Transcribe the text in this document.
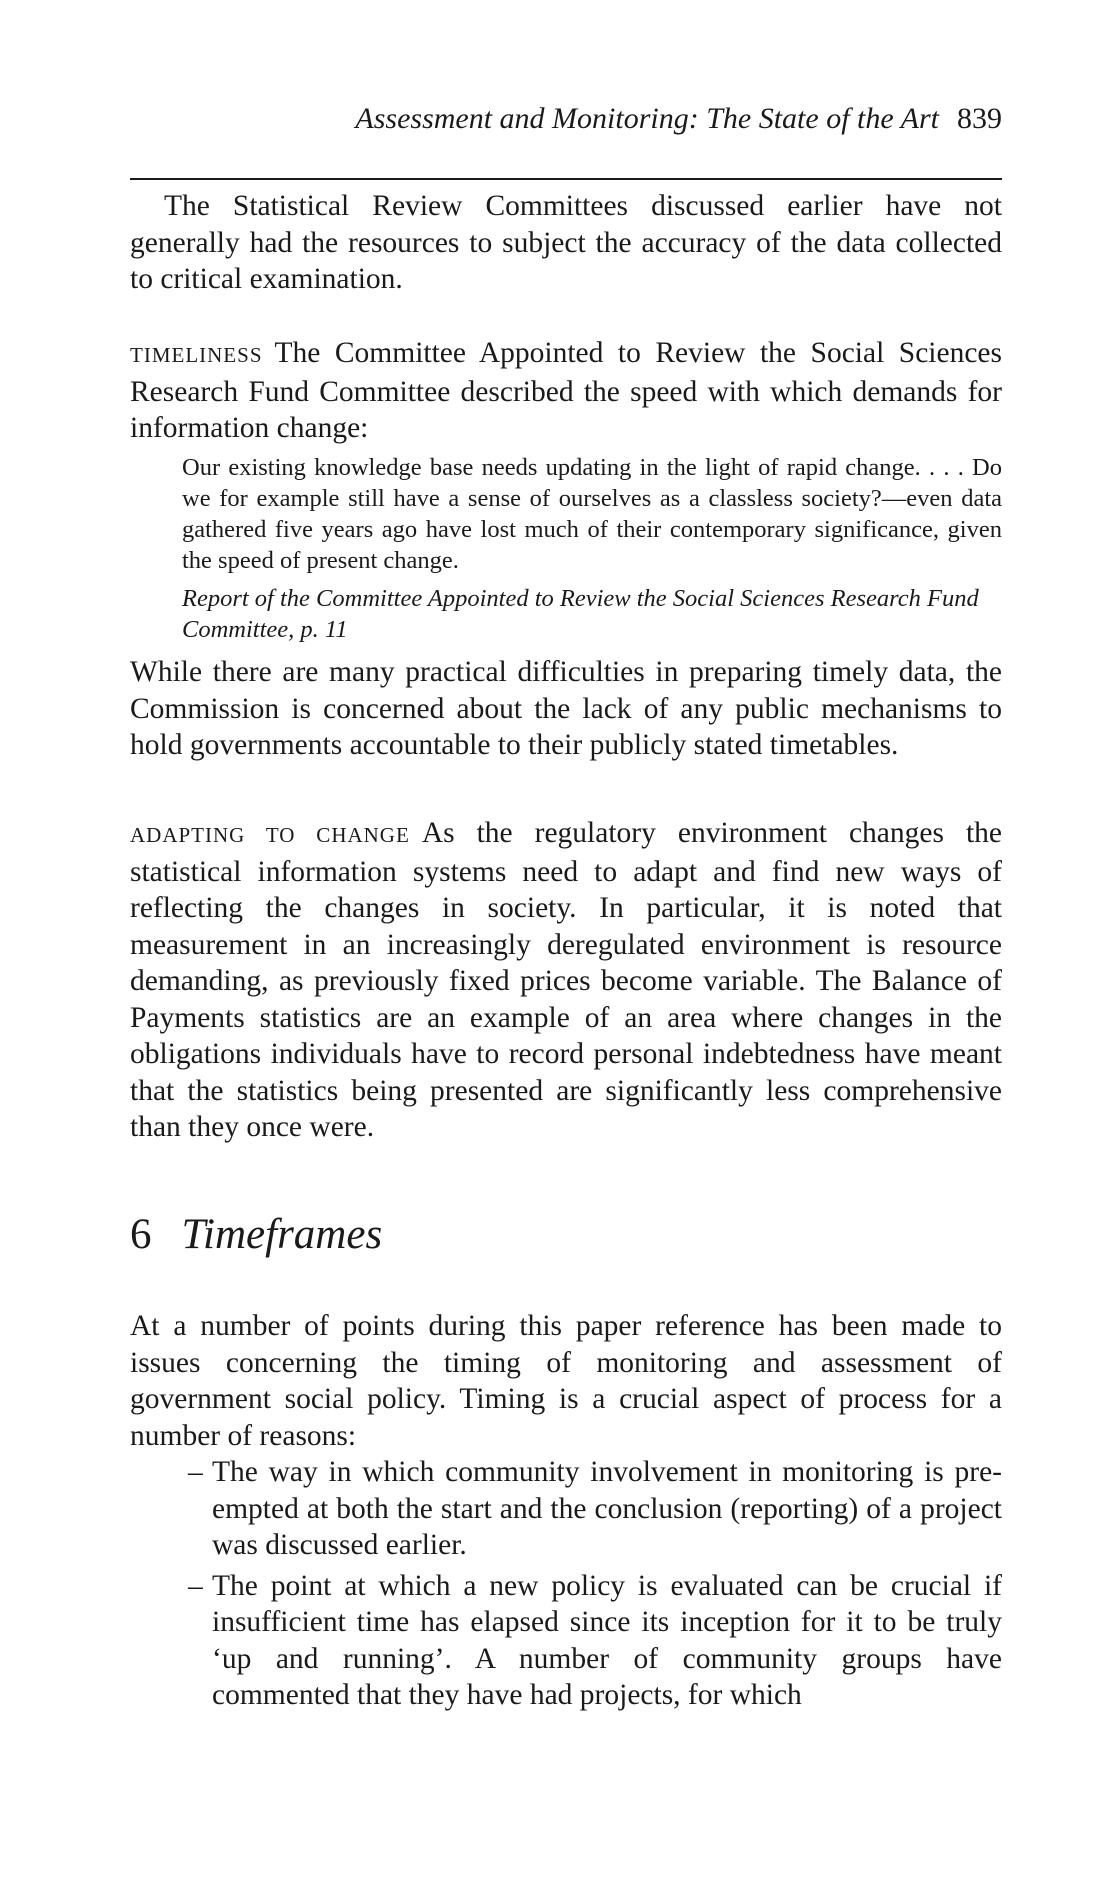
Assessment and Monitoring: The State of the Art 839

The Statistical Review Committees discussed earlier have not generally had the resources to subject the accuracy of the data collected to critical examination.

TIMELINESS The Committee Appointed to Review the Social Sciences Research Fund Committee described the speed with which demands for information change:

Our existing knowledge base needs updating in the light of rapid change. . . . Do we for example still have a sense of ourselves as a classless society?—even data gathered five years ago have lost much of their contemporary significance, given the speed of present change.

Report of the Committee Appointed to Review the Social Sciences Research Fund Committee, p. 11

While there are many practical difficulties in preparing timely data, the Commission is concerned about the lack of any public mechanisms to hold governments accountable to their publicly stated timetables.

ADAPTING TO CHANGE As the regulatory environment changes the statistical information systems need to adapt and find new ways of reflecting the changes in society. In particular, it is noted that measurement in an increasingly deregulated environment is resource demanding, as previously fixed prices become variable. The Balance of Payments statistics are an example of an area where changes in the obligations individuals have to record personal indebtedness have meant that the statistics being presented are significantly less comprehensive than they once were.

6 Timeframes

At a number of points during this paper reference has been made to issues concerning the timing of monitoring and assessment of government social policy. Timing is a crucial aspect of process for a number of reasons:

– The way in which community involvement in monitoring is pre-empted at both the start and the conclusion (reporting) of a project was discussed earlier.
– The point at which a new policy is evaluated can be crucial if insufficient time has elapsed since its inception for it to be truly ‘up and running’. A number of community groups have commented that they have had projects, for which
